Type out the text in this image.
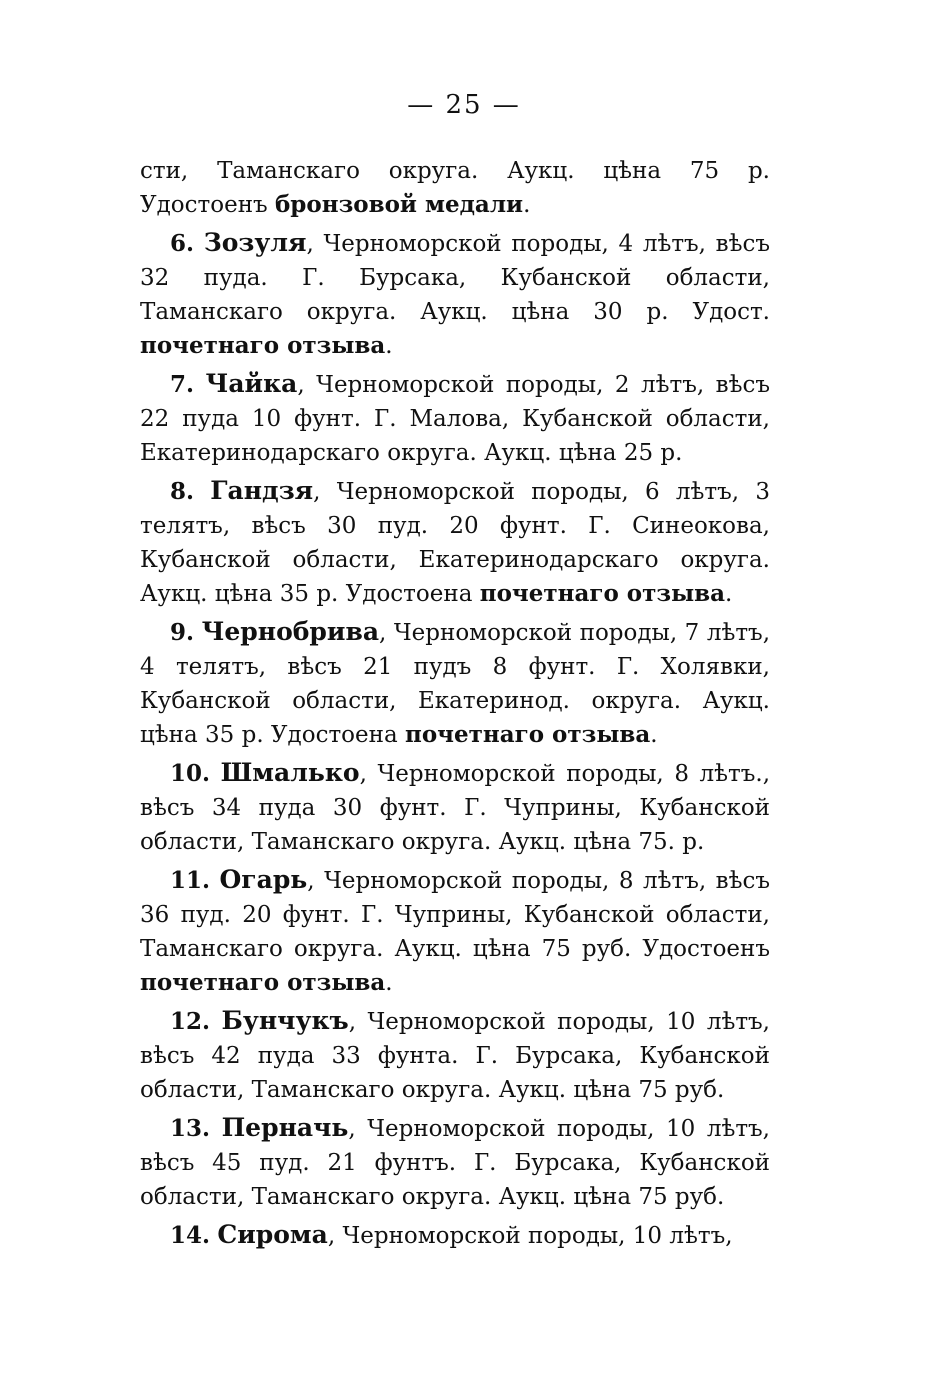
— 25 —

сти, Таманскаго округа. Аукц. цѣна 75 р. Удостоенъ бронзовой медали.

6. Зозуля, Черноморской породы, 4 лѣтъ, вѣсъ 32 пуда. Г. Бурсака, Кубанской области, Таманскаго округа. Аукц. цѣна 30 р. Удост. почетнаго отзыва.

7. Чайка, Черноморской породы, 2 лѣтъ, вѣсъ 22 пуда 10 фунт. Г. Малова, Кубанской области, Екатеринодарскаго округа. Аукц. цѣна 25 р.

8. Гандзя, Черноморской породы, 6 лѣтъ, 3 телятъ, вѣсъ 30 пуд. 20 фунт. Г. Синеокова, Кубанской области, Екатеринодарскаго округа. Аукц. цѣна 35 р. Удостоена почетнаго отзыва.

9. Чернобрива, Черноморской породы, 7 лѣтъ, 4 телятъ, вѣсъ 21 пудъ 8 фунт. Г. Холявки, Кубанской области, Екатеринод. округа. Аукц. цѣна 35 р. Удостоена почетнаго отзыва.

10. Шмалько, Черноморской породы, 8 лѣтъ., вѣсъ 34 пуда 30 фунт. Г. Чуприны, Кубанской области, Таманскаго округа. Аукц. цѣна 75. р.

11. Огарь, Черноморской породы, 8 лѣтъ, вѣсъ 36 пуд. 20 фунт. Г. Чуприны, Кубанской области, Таманскаго округа. Аукц. цѣна 75 руб. Удостоенъ почетнаго отзыва.

12. Бунчукъ, Черноморской породы, 10 лѣтъ, вѣсъ 42 пуда 33 фунта. Г. Бурсака, Кубанской области, Таманскаго округа. Аукц. цѣна 75 руб.

13. Перначь, Черноморской породы, 10 лѣтъ, вѣсъ 45 пуд. 21 фунтъ. Г. Бурсака, Кубанской области, Таманскаго округа. Аукц. цѣна 75 руб.

14. Сирома, Черноморской породы, 10 лѣтъ,
